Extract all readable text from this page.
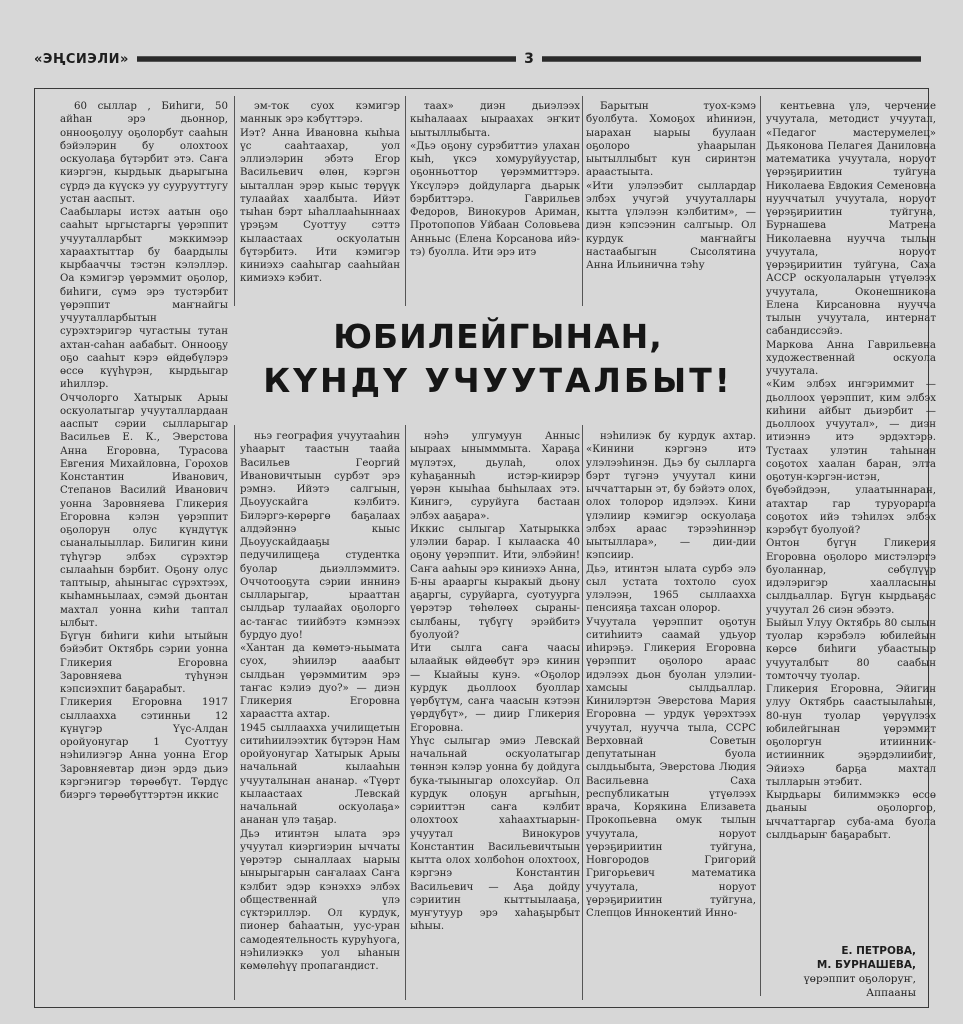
«ЭҢСИЭЛИ»	3

60 сыллар , Биһиги, 50 айһан эрэ дьоннор, оннооҕолуу оҕолорбут сааһын бэйэлэрин бу олохтоох оскуолаҕа бүтэрбит этэ. Саҥа киэргэн, кырдьык дьарыгына сүрдэ да күүскэ уу суурууттугу устан ааспыт.
Саабылары истэх аатын оҕо сааһыт ыргыстаргы үөрэппит учууталларбыт мэккимээр хараахтыттар бу баардылы кырбааччы тэстэн кэлэллэр. Оа кэмигэр үөрэммит оҕолор, биһиги, сүмэ эрэ тустэрбит үөрэппит маҥнайгы учууталларбытын сурэхтэригэр чугастыы тутан ахтан-саһан аабабыт. Оннооҕу оҕо сааһыт кэрэ өйдөбүлэрэ өссө күүһүрэн, кырдьыгар иһиллэр.
Оччолорго Хатырык Арыы оскуолатыгар учууталлардаан ааспыт сэрии сылларыгар Васильев Е. К., Эверстова Анна Егоровна, Турасова Евгения Михайловна, Горохов Константин Иванович, Степанов Василий Иванович уонна Заровняева Гликерия Егоровна кэлэн үөрэппит оҕолорун олус күндүтүк сыаналыыллар. Билигин кини түһүгэр элбэх сүрэхтэр сылааһын бэрбит. Оҕону олус таптыыр, аһыныгас сүрэхтээх, кыһамньылаах, сэмэй дьонтан махтал уонна киһи таптал ылбыт.
Бүгүн биһиги киһи ытыйын бэйэбит Октябрь сэрии уонна Гликерия Егоровна Заровняева түһүнэн кэпсиэхпит баҕарабыт.
Гликерия Егоровна 1917 сыллаахха сэтинньи 12 күнүгэр Үүс-Алдан оройуонугар 1 Суоттуу нэһилиэгэр Анна уонна Егор Заровняевтар диэн эрдэ дьиэ кэргэнигэр төрөөбүт. Төрдүс биэргэ төрөөбүттэртэн иккис

эм-ток суох кэмигэр маннык эрэ кэбүттэрэ.
Иэт? Анна Ивановна кыһыа үс сааһтаахар, уол эллиэлэрин эбэтэ Егор Васильевич өлөн, кэргэн ыыталлан эрэр кыыс төрүүк тулаайах хаалбыта. Ийэт тыһан бэрт ыһаллааһыннаах үрэҕэм Суоттуу сэттэ кылаастаах оскуолатын бүтэрбитэ. Ити кэмигэр киниэхэ сааһыгар сааһыйан кимиэхэ кэбит.

таах» диэн дьиэлээх кыһалааах ыыраахах эҥкит ыытыллыбыта.
«Дьэ оҕону сурэбиттиэ улахан кыһ, үксэ хомуруйуустар, оҕонньоттор үөрэммиттэрэ. Үксүлэрэ дойдуларга дьарык бэрбиттэрэ. Гаврильев Федоров, Винокуров Ариман, Протопопов Уйбаан Соловьева Анньыс (Елена Корсанова ийэ-тэ) буолла. Ити эрэ итэ

Барытын туох-кэмэ буолбута. Хомоҕох иһиниэн, ыарахан ыарыы буулаан оҕолоро уһаарылан ыытыллыбыт кун сиринтэн араастыыта.
«Ити улэлээбит сыллардар элбэх учугэй учууталлары кытта үлэлээн кэлбитим», — диэн кэпсээнин салгыыр. Ол курдук маҥнайгы настаабыгын Сысолятина Анна Ильинична тэһу

ЮБИЛЕЙГЫНАН,
КҮНДҮ УЧУУТАЛБЫТ!

ньэ география учуутааһин уһаарыт таастын таайа Васильев Георгий Ивановичтыын сурбэт эрэ рэмнэ. Ийэтэ салгыын, Дьоуускайга кэлбитэ. Билэргэ-көрөргө баҕалаах алдэйэннэ кыыс Дьоуускайдааҕы педучилищеҕа студентка буолар дьиэллэммитэ. Оччотооҕута сэрии иннинэ сылларыгар, ырааттан сылдьар тулаайах оҕолорго ас-таҥас тиийбэтэ кэмнээх бурдуо дуо!
«Хантан да көмөтэ-ньымата суох, эһиилэр ааабыт сылдьан үөрэммитим эрэ таҥас кэлиэ дуо?» — диэн Гликерия Егоровна хараастта ахтар.
1945 сыллаахха училищетын ситиһиилээхтик бүтэрэн Нам оройуонугар Хатырык Арыы начальнай кылааһын учууталынан ананар. «Түөрт кылаастаах Левскай начальнай оскуолаҕа» ананан үлэ таҕар.
Дьэ итинтэн ылата эрэ учуутал киэргиэрин ыччаты үөрэтэр сыналлаах ыарыы ынырыгарын саҥалаах Саҥа кэлбит эдэр кэнэххэ элбэх общественнай үлэ сүктэриллэр. Ол курдук, пионер баһаатын, уус-уран самодеятельность куруһуога, нэһилиэккэ уол ыһанын көмөлөһүү пропагандист.

нэһэ улгумуун Анныс ыыраах ынымммыта. Хараҕа мүлэтэх, дьулаһ, олох куһаҕанныһ истэр-киирэр үөрэн кыыһаа быһылаах этэ. Кинигэ, суруйуга бастаан элбэх ааҕара».
Иккис сылыгар Хатырыкка улэлии барар. I кылааска 40 оҕону үөрэппит. Ити, элбэйин! Саҥа ааһыы эрэ киниэхэ Анна, Б-ны арааргы кыракый дьону аҕаргы, суруйарга, суотуурга үөрэтэр төһөлөөх сыраны-сылбаны, түбүгү эрэйбитэ буолуой?
Ити сылга саҥа чаасы ылаайык өйдөөбүт эрэ кинин — Кыайыы кунэ. «Оҕолор курдук дьоллоох буоллар үөрбүтүм, саҥа чаасын кэтээн үөрдүбүт», — диир Гликерия Егоровна.
Үһүс сылыгар эмиэ Левскай начальнай оскуолатыгар төннэн кэлэр уонна бу дойдуга бука-тыыныгар олохсуйар. Ол курдук олоҕун аргыһын, сэрииттэн саҥа кэлбит олохтоох хаһаахтыарын-учуутал Винокуров Константин Васильевичтыын кытта олох холбоһон олохтоох, кэргэнэ Константин Васильевич — Аҕа дойду сэриитин кыттыылааҕа, муҥутуур эрэ хаһаҕырбыт ыһыы.

нэһилиэк бу курдук ахтар. «Кинини кэргэнэ итэ улэлээһинэн. Дьэ бу сылларга бэрт түгэнэ учуутал кини ыччаттарын эт, бу бэйэтэ олох, олох толорор идэлээх. Кини үлэлиир кэмигэр оскуолаҕа элбэх араас тэрээһиннэр ыытыллара», — дии-дии кэпсиир.
Дьэ, итинтэн ылата сурбэ элэ сыл устата тохтоло суох улэлээн, 1965 сыллаахха пенсияҕа тахсан олорор.
Учуутала үөрэппит оҕотун ситиһиитэ саамай удьуор иһирэҕэ. Гликерия Егоровна үөрэппит оҕолоро араас идэлээх дьон буолан улэлии-хамсыы сылдьаллар. Кинилэртэн Эверстова Мария Егоровна — урдук үөрэхтээх учуутал, нуучча тыла, ССРС Верховнай Советын депутатынан буола сылдьыбыта, Эверстова Людия Васильевна Саха республикатын үтүөлээх врача, Корякина Елизавета Прокопьевна омук тылын учуутала, норуот үөрэҕириитин туйгуна, Новгородов Григорий Григорьевич математика учуутала, норуот үөрэҕириитин туйгуна, Слепцов Иннокентий Инно-

кентьевна үлэ, черчение учуутала, методист учуутал, «Педагог мастерумелец» Дьяконова Пелагея Даниловна математика учуутала, норуот үөрэҕириитин туйгуна Николаева Евдокия Семеновна нууччатыл учуутала, норуот үөрэҕириитин туйгуна, Бурнашева Матрена Николаевна нуучча тылын учуутала, норуот үөрэҕириитин туйгуна, Саха АССР оскуолаларын үтүөлээх учуутала, Оконешникова Елена Кирсановна нуучча тылын учуутала, интернат сабандиссэйэ.
Маркова Анна Гаврильевна художественнай оскуола учуутала.
«Ким элбэх ингэриммит — дьоллоох үөрэппит, ким элбэх киһини айбыт дьиэрбит — дьоллоох учуутал», — диэн итиэннэ итэ эрдэхтэрэ. Тустаах улэтин таһынан соҕотох хаалан баран, элта оҕотун-кэргэн-истэн, бүөбэйдээн, улаатыннаран, атахтар гар туруорарга соҕотох ийэ тэһилэх элбэх кэрэбүт буолуой?
Онтон бүгүн Гликерия Егоровна оҕолоро мистэлэргэ буоланнар, сөбүлүүр идэлэригэр хаалласыны сылдьаллар. Бүгүн кырдьаҕас учуутал 26 сиэн эбээтэ.
Быйыл Улуу Октябрь 80 сылын туолар кэрэбэлэ юбилейын көрсө биһиги убаастыыр учууталбыт 80 саабын томточчу туолар.
Гликерия Егоровна, Эйигин улуу Октябрь саастыылаһын, 80-нун туолар үөрүүлээх юбилейгынан үөрэммит оҕолоргун итиинник-истиинник эҕэрдэлиибит, Эйиэхэ барҕа махтал тылларын этэбит.
Кырдьары билиммэккэ өссө дьаныы оҕолоргор, ыччаттаргар суба-ама буола сылдьарыҥ баҕарабыт.

Е. ПЕТРОВА,
М. БУРНАШЕВА,
үөрэппит оҕолоруҥ,
Аппааны
